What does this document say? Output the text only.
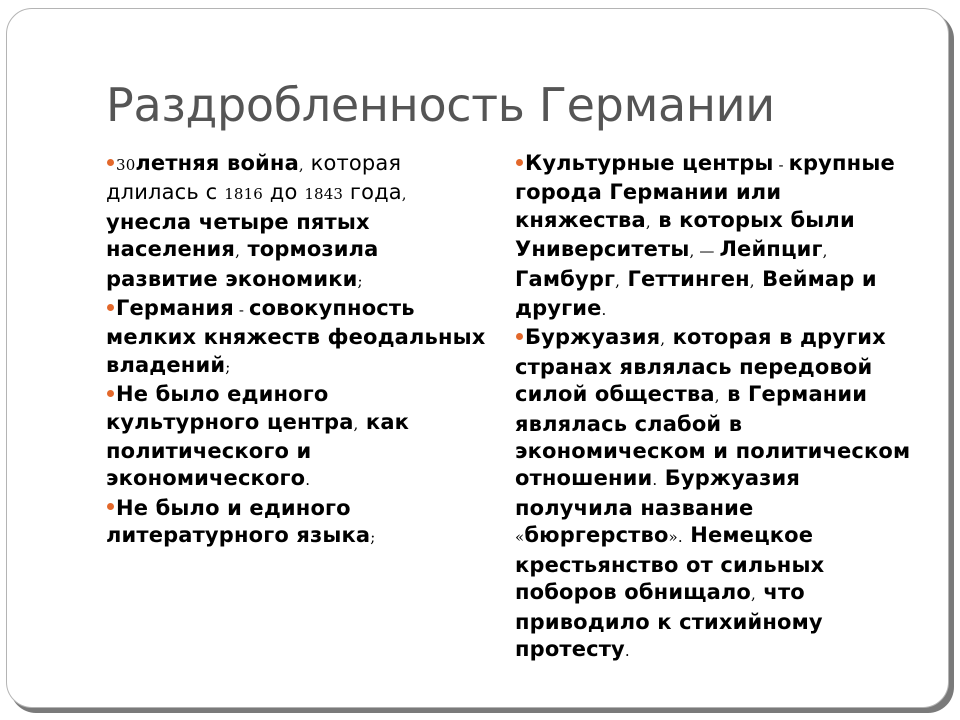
Раздробленность Германии
30летняя война, которая длилась с 1816 до 1843 года, унесла четыре пятых населения, тормозила развитие экономики;
Германия - совокупность мелких княжеств феодальных владений;
Не было единого культурного центра, как политического и экономического.
Не было и единого литературного языка;
Культурные центры - крупные города Германии или княжества, в которых были Университеты, — Лейпциг, Гамбург, Геттинген, Веймар и другие.
Буржуазия, которая в других странах являлась передовой силой общества, в Германии являлась слабой в экономическом и политическом отношении. Буржуазия получила название «бюргерство». Немецкое крестьянство от сильных поборов обнищало, что приводило к стихийному протесту.
